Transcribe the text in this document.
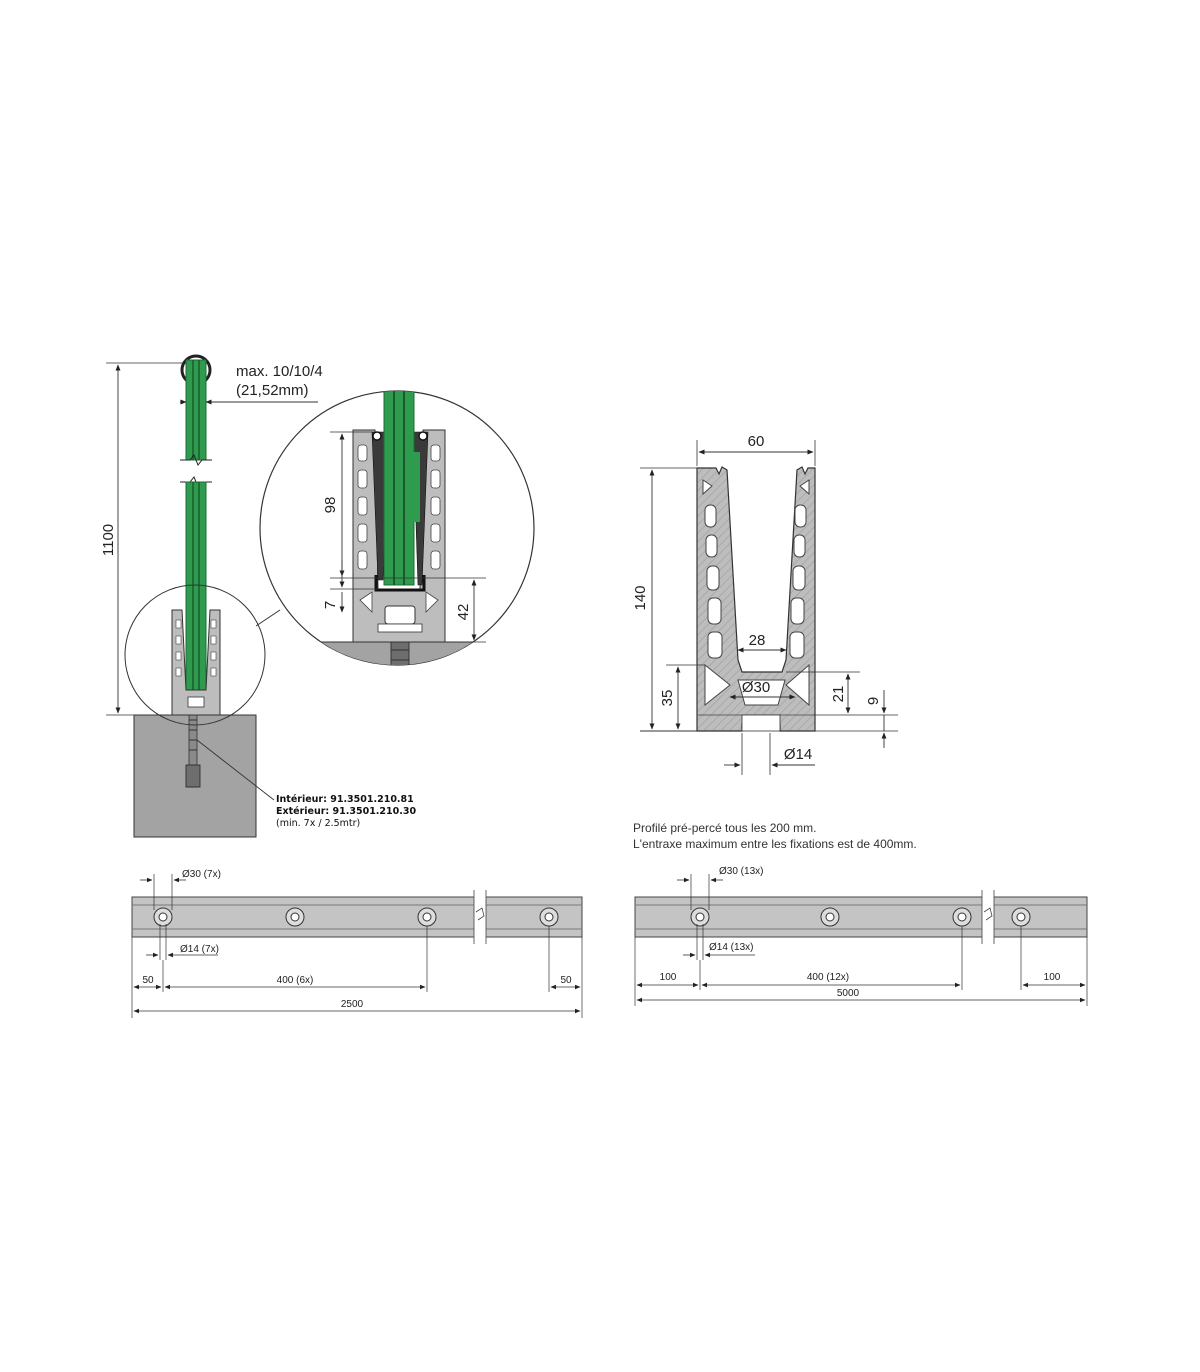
1100
max. 10/10/4
(21,52mm)
98
7	42
60
140
35
28
Ø30	21 9
Ø14
Ø30 (7x)
Ø14 (7x)
50	400 (6x)	50
2500
Ø30 (13x)
Ø14 (13x)
100	400 (12x)	100
5000
Intérieur: 91.3501.210.81
Extérieur: 91.3501.210.30
(min. 7x / 2.5mtr)	Profilé pré-percé tous les 200 mm.
L'entraxe maximum entre les fixations est de 400mm.
